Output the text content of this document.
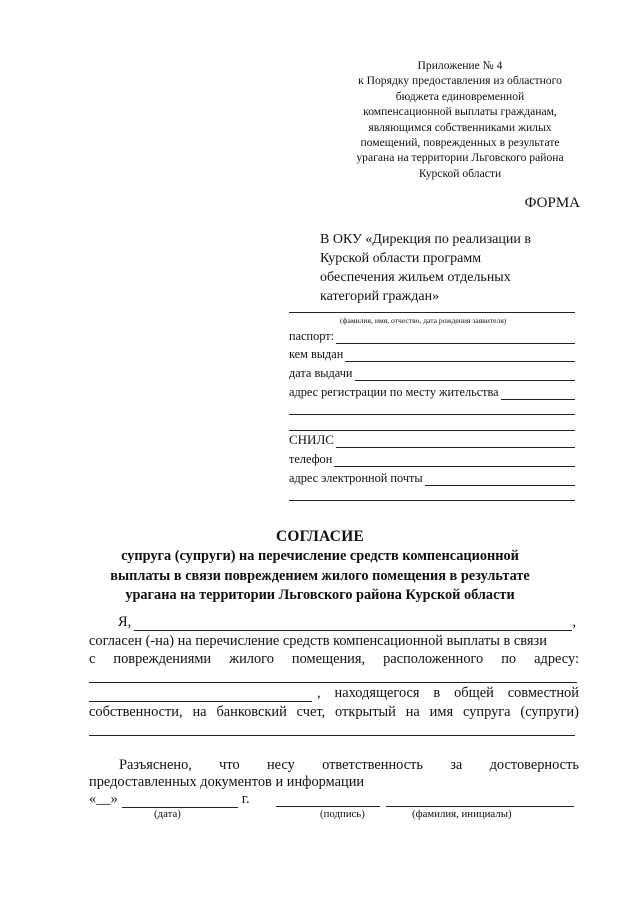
Приложение № 4
к Порядку предоставления из областного
бюджета единовременной
компенсационной выплаты гражданам,
являющимся собственниками жилых
помещений, поврежденных в результате
урагана на территории Льговского района
Курской области
ФОРМА
В ОКУ «Дирекция по реализации в
Курской области программ
обеспечения жильем отдельных
категорий граждан»
(фамилия, имя, отчество, дата рождения заявителя)
паспорт:
кем выдан
дата выдачи
адрес регистрации по месту жительства
СНИЛС
телефон
адрес электронной почты
СОГЛАСИЕ
супруга (супруги) на перечисление средств компенсационной
выплаты в связи повреждением жилого помещения в результате
урагана на территории Льговского района Курской области
Я,	,
согласен (-на) на перечисление средств компенсационной выплаты в связи
с повреждениями жилого помещения, расположенного по адресу:
, находящегося в общей совместной
собственности, на банковский счет, открытый на имя супруга (супруги)
Разъяснено, что несу ответственность за достоверность
предоставленных документов и информации
«__»	г.
(дата)	(подпись)	(фамилия, инициалы)
